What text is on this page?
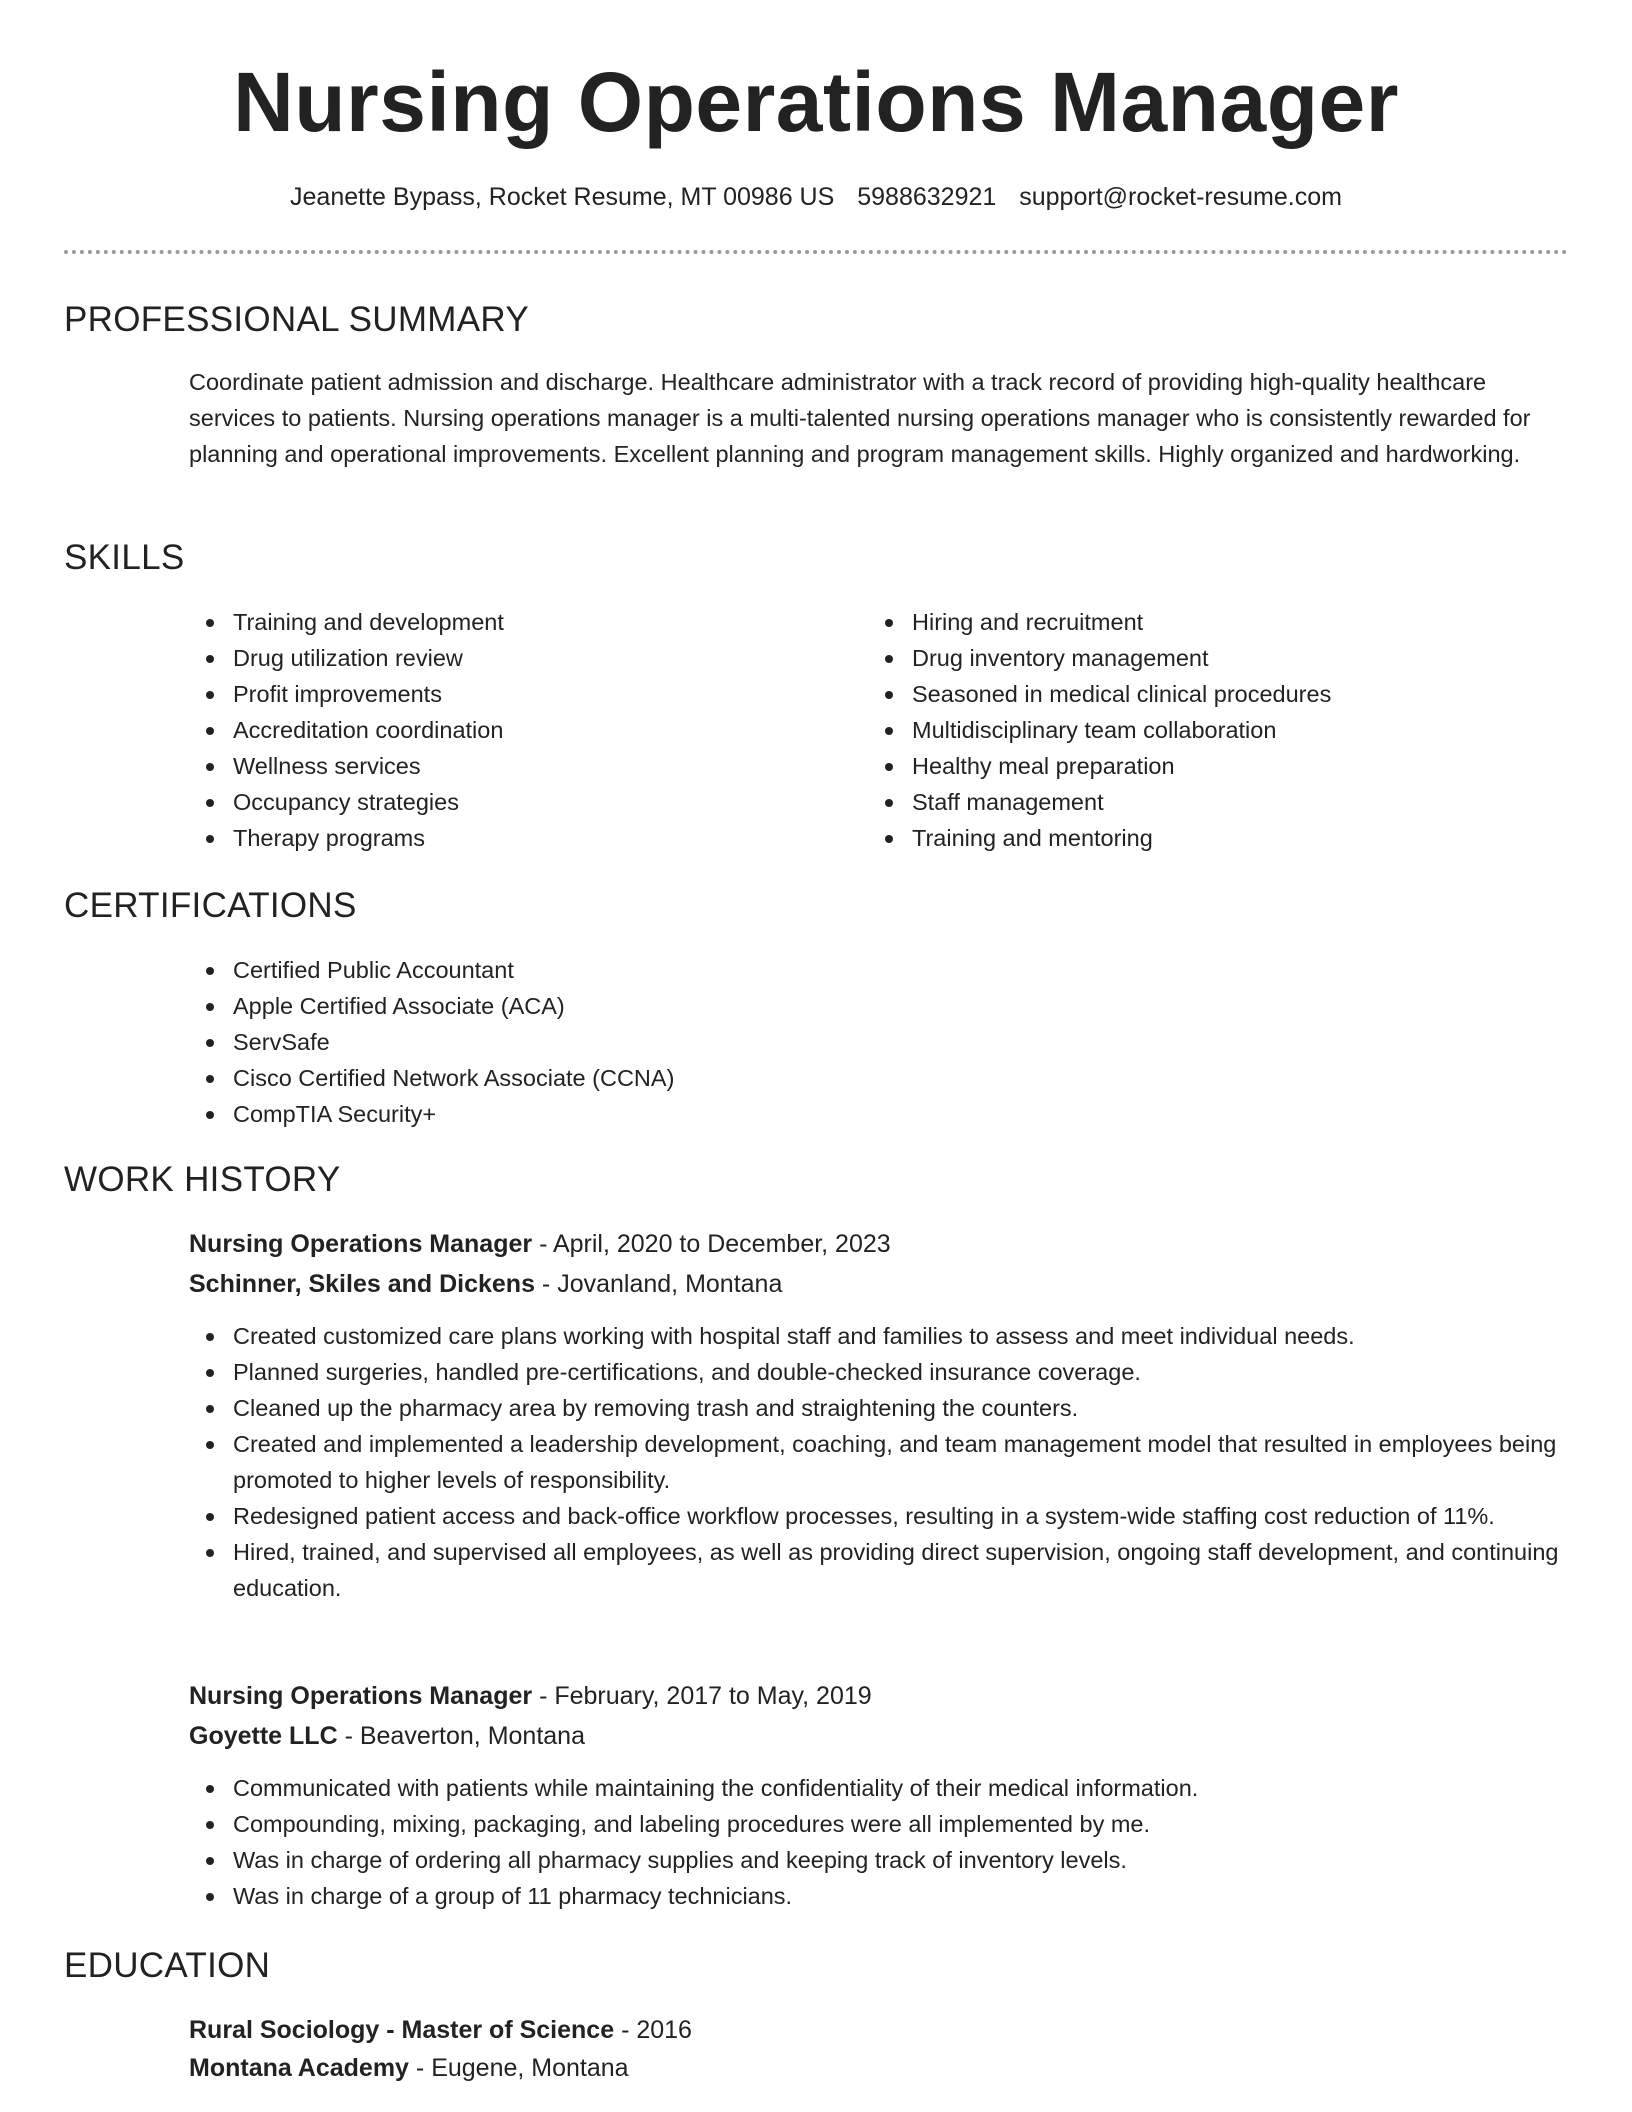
Nursing Operations Manager
Jeanette Bypass, Rocket Resume, MT 00986 US 5988632921 support@rocket-resume.com
PROFESSIONAL SUMMARY
Coordinate patient admission and discharge. Healthcare administrator with a track record of providing high-quality healthcare services to patients. Nursing operations manager is a multi-talented nursing operations manager who is consistently rewarded for planning and operational improvements. Excellent planning and program management skills. Highly organized and hardworking.
SKILLS
Training and development
Drug utilization review
Profit improvements
Accreditation coordination
Wellness services
Occupancy strategies
Therapy programs
Hiring and recruitment
Drug inventory management
Seasoned in medical clinical procedures
Multidisciplinary team collaboration
Healthy meal preparation
Staff management
Training and mentoring
CERTIFICATIONS
Certified Public Accountant
Apple Certified Associate (ACA)
ServSafe
Cisco Certified Network Associate (CCNA)
CompTIA Security+
WORK HISTORY
Nursing Operations Manager - April, 2020 to December, 2023
Schinner, Skiles and Dickens - Jovanland, Montana
Created customized care plans working with hospital staff and families to assess and meet individual needs.
Planned surgeries, handled pre-certifications, and double-checked insurance coverage.
Cleaned up the pharmacy area by removing trash and straightening the counters.
Created and implemented a leadership development, coaching, and team management model that resulted in employees being promoted to higher levels of responsibility.
Redesigned patient access and back-office workflow processes, resulting in a system-wide staffing cost reduction of 11%.
Hired, trained, and supervised all employees, as well as providing direct supervision, ongoing staff development, and continuing education.
Nursing Operations Manager - February, 2017 to May, 2019
Goyette LLC - Beaverton, Montana
Communicated with patients while maintaining the confidentiality of their medical information.
Compounding, mixing, packaging, and labeling procedures were all implemented by me.
Was in charge of ordering all pharmacy supplies and keeping track of inventory levels.
Was in charge of a group of 11 pharmacy technicians.
EDUCATION
Rural Sociology - Master of Science - 2016
Montana Academy - Eugene, Montana
